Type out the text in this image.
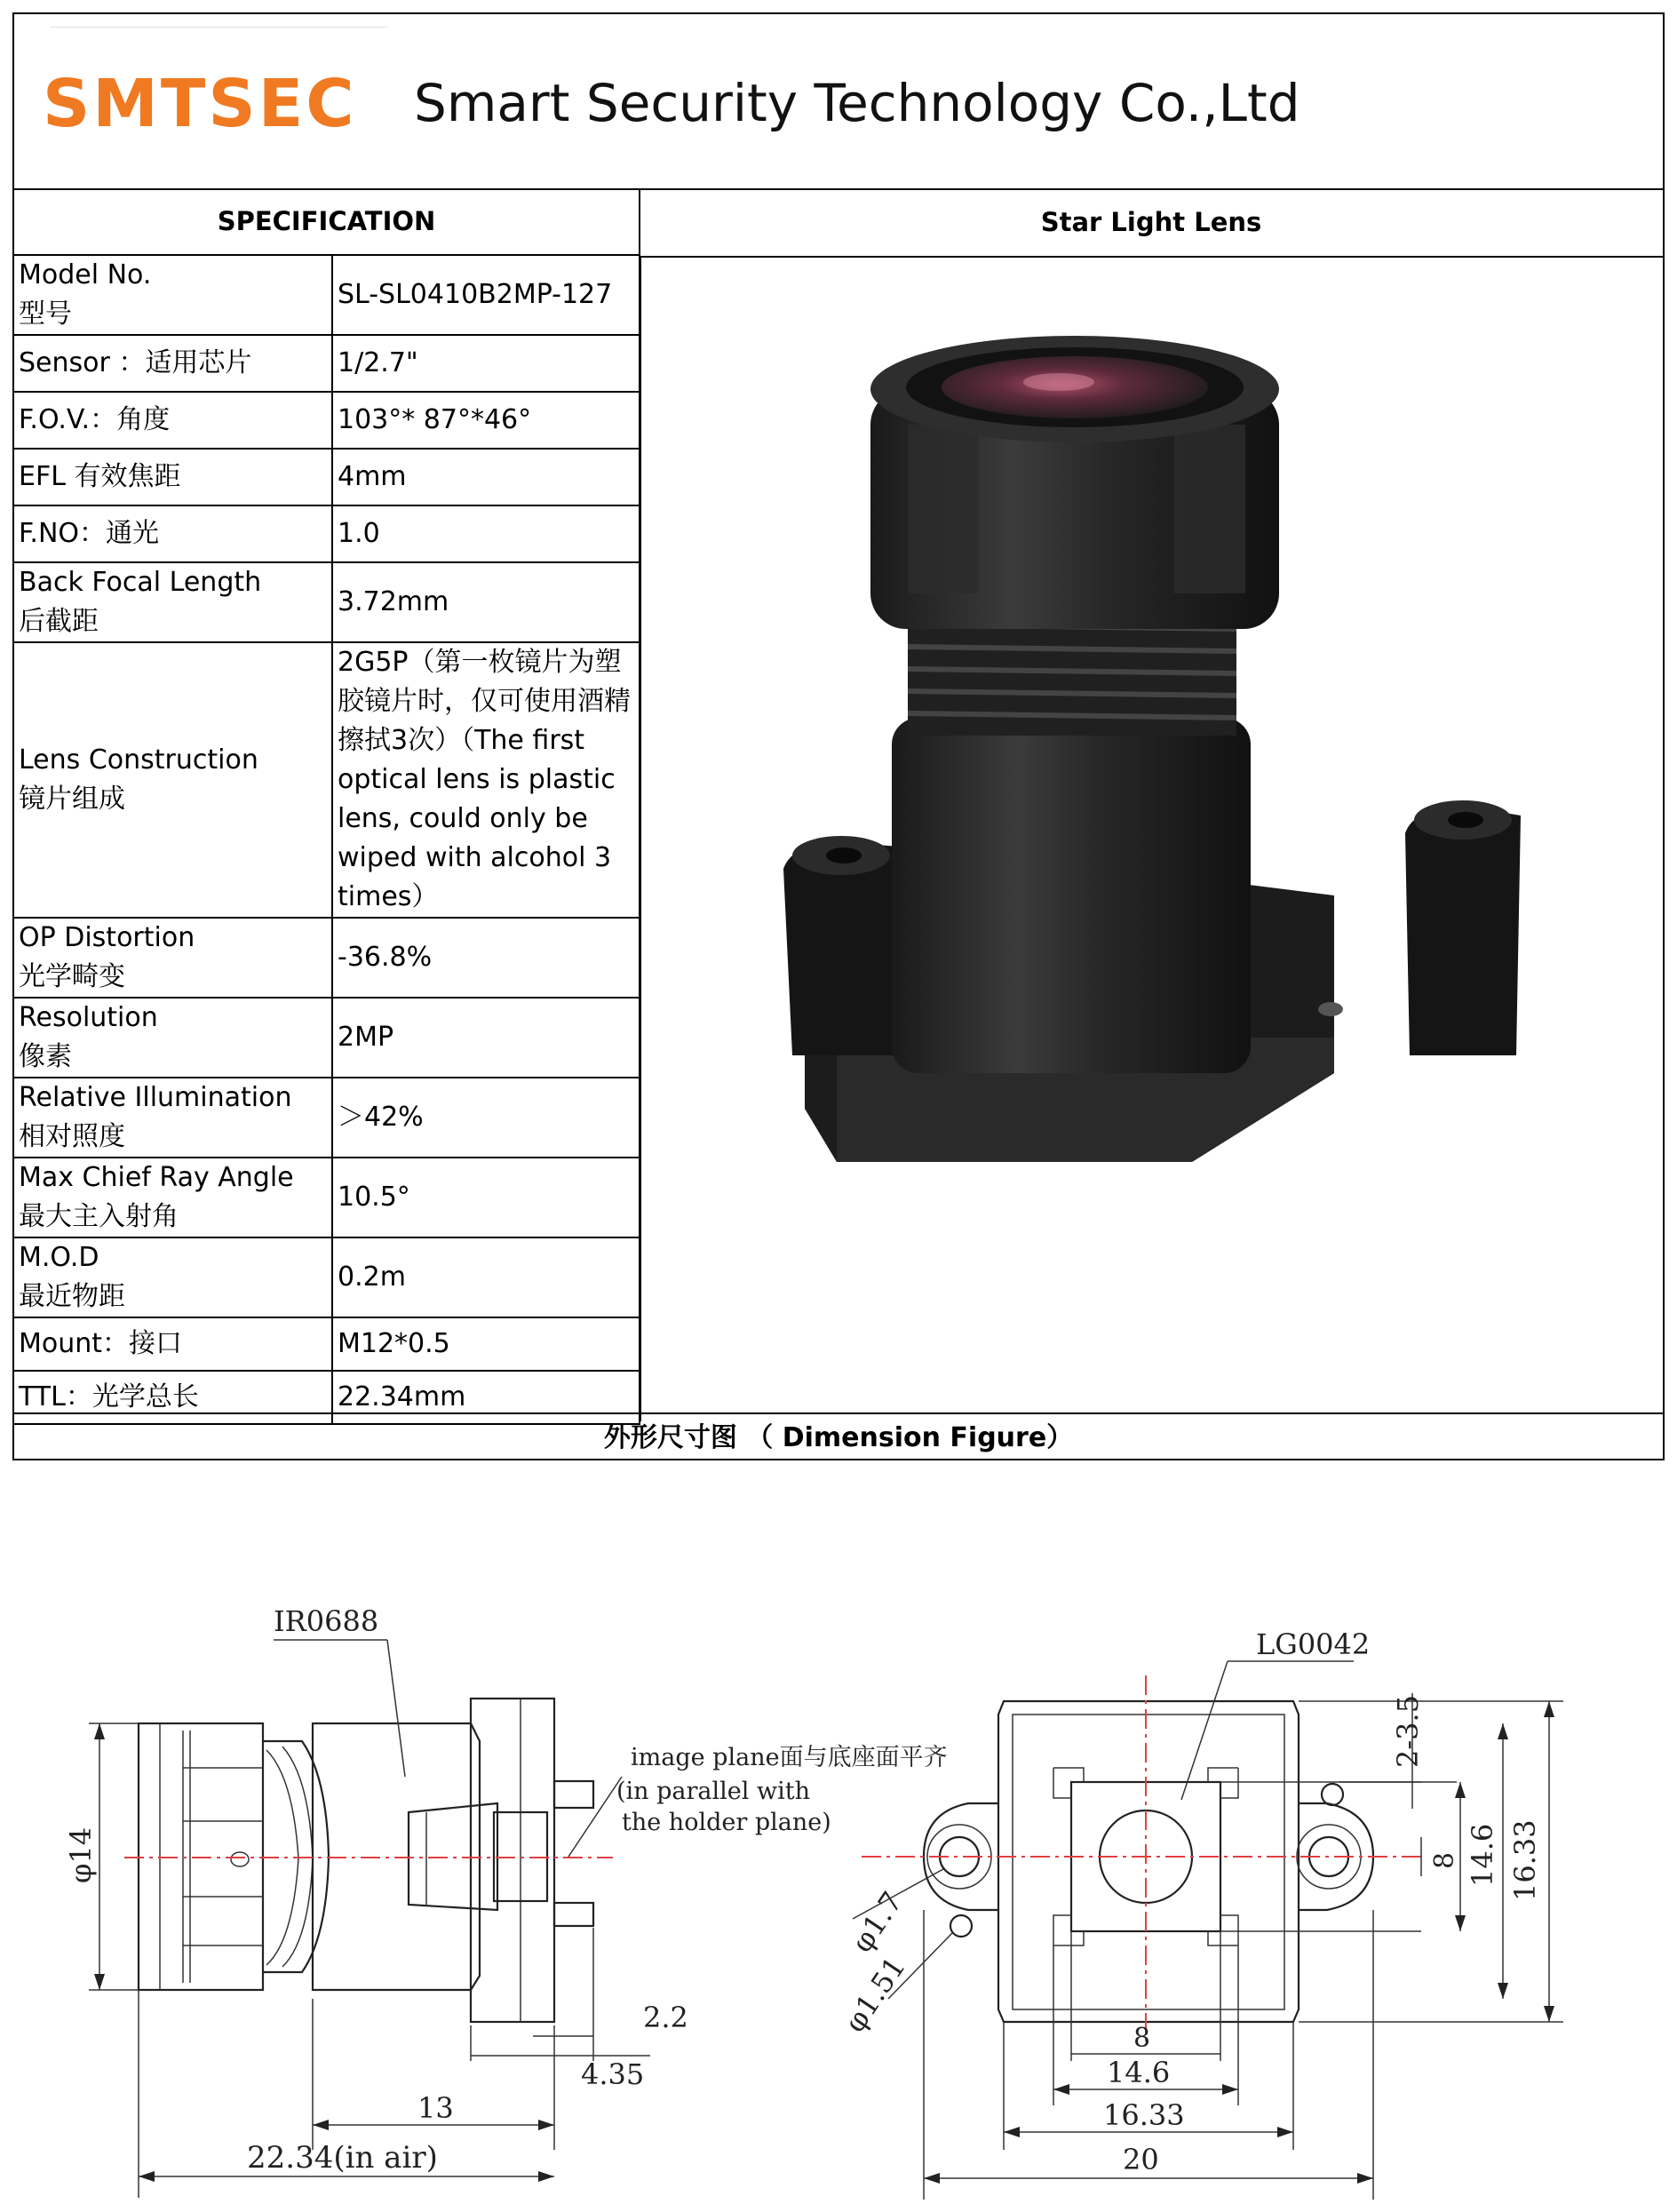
SMTSEC Smart Security Technology Co.,Ltd
SPECIFICATION	
Model No.
型号	SL-SL0410B2MP-127
Sensor ：适用芯片	1/2.7"
F.O.V.：角度	103°* 87°*46°
EFL 有效焦距	4mm
F.NO：通光	1.0
Back Focal Length
后截距	3.72mm
Lens Construction
镜片组成	2G5P（第一枚镜片为塑胶镜片时，仅可使用酒精擦拭3次）（The first optical lens is plastic lens, could only be wiped with alcohol 3 times）
OP Distortion
光学畸变	-36.8%
Resolution
像素	2MP
Relative Illumination
相对照度	＞42%
Max Chief Ray Angle
最大主入射角	10.5°
M.O.D
最近物距	0.2m
Mount：接口	M12*0.5
TTL：光学总长	22.34mm
Star Light Lens
外形尺寸图 （ Dimension Figure）
φ14
IR0688
image plane面与底座面平齐
(in parallel with
the holder plane)
2.2
4.35
13
22.34(in air)
LG0042
φ1.7
φ1.51
2-3.5
8 14.6 16.33
8
14.6
16.33
20
